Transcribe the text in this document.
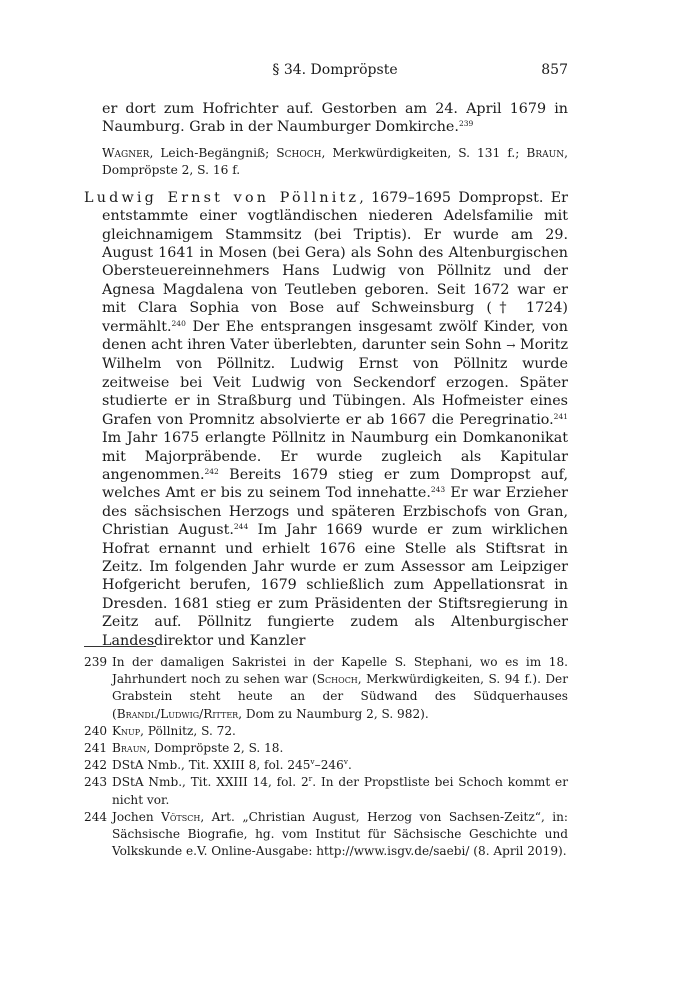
§ 34. Dompröpste	857

er dort zum Hofrichter auf. Gestorben am 24. April 1679 in Naumburg. Grab in der Naumburger Domkirche.$^{239}$

Wagner, Leich-Begängniß; Schoch, Merkwürdigkeiten, S. 131 f.; Braun, Dompröpste 2, S. 16 f.

Ludwig Ernst von Pöllnitz, 1679–1695 Dompropst. Er entstammte einer vogtländischen niederen Adelsfamilie mit gleichnamigem Stammsitz (bei Triptis). Er wurde am 29. August 1641 in Mosen (bei Gera) als Sohn des Altenburgischen Obersteuereinnehmers Hans Ludwig von Pöllnitz und der Agnesa Magdalena von Teutleben geboren. Seit 1672 war er mit Clara Sophia von Bose auf Schweinsburg († 1724) vermählt.$^{240}$ Der Ehe entsprangen insgesamt zwölf Kinder, von denen acht ihren Vater überlebten, darunter sein Sohn → Moritz Wilhelm von Pöllnitz. Ludwig Ernst von Pöllnitz wurde zeitweise bei Veit Ludwig von Seckendorf erzogen. Später studierte er in Straßburg und Tübingen. Als Hofmeister eines Grafen von Promnitz absolvierte er ab 1667 die Peregrinatio.$^{241}$ Im Jahr 1675 erlangte Pöllnitz in Naumburg ein Domkanonikat mit Majorpräbende. Er wurde zugleich als Kapitular angenommen.$^{242}$ Bereits 1679 stieg er zum Dompropst auf, welches Amt er bis zu seinem Tod innehatte.$^{243}$ Er war Erzieher des sächsischen Herzogs und späteren Erzbischofs von Gran, Christian August.$^{244}$ Im Jahr 1669 wurde er zum wirklichen Hofrat ernannt und erhielt 1676 eine Stelle als Stiftsrat in Zeitz. Im folgenden Jahr wurde er zum Assessor am Leipziger Hofgericht berufen, 1679 schließlich zum Appellationsrat in Dresden. 1681 stieg er zum Präsidenten der Stiftsregierung in Zeitz auf. Pöllnitz fungierte zudem als Altenburgischer Landesdirektor und Kanzler

239 In der damaligen Sakristei in der Kapelle S. Stephani, wo es im 18. Jahrhundert noch zu sehen war (Schoch, Merkwürdigkeiten, S. 94 f.). Der Grabstein steht heute an der Südwand des Südquerhauses (Brandl/Ludwig/Ritter, Dom zu Naumburg 2, S. 982).
240 Knup, Pöllnitz, S. 72.
241 Braun, Dompröpste 2, S. 18.
242 DStA Nmb., Tit. XXIII 8, fol. 245$^v$–246$^v$.
243 DStA Nmb., Tit. XXIII 14, fol. 2$^r$. In der Propstliste bei Schoch kommt er nicht vor.
244 Jochen Vötsch, Art. „Christian August, Herzog von Sachsen-Zeitz“, in: Sächsische Biografie, hg. vom Institut für Sächsische Geschichte und Volkskunde e.V. Online-Ausgabe: http://www.isgv.de/saebi/ (8. April 2019).
